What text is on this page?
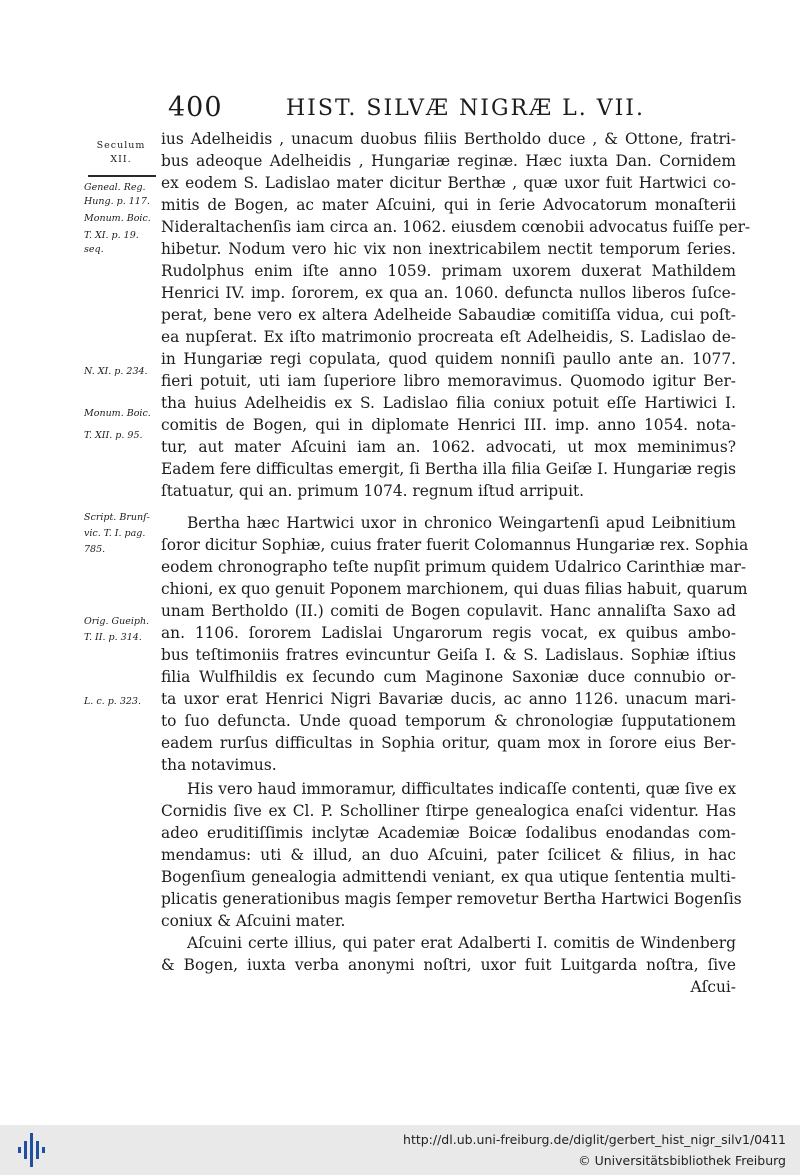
400	HIST. SILVÆ NIGRÆ L. VII.
Seculum
XII.
Geneal. Reg.
Hung. p. 117.
Monum. Boic.
T. XI. p. 19.
seq.
N. XI. p. 234.
Monum. Boic.
T. XII. p. 95.
Script. Brunſ-
vic. T. I. pag.
785.
Orig. Gueiph.
T. II. p. 314.
L. c. p. 323.
ius Adelheidis , unacum duobus filiis Bertholdo duce , & Ottone, fratri-
bus adeoque Adelheidis , Hungariæ reginæ. Hæc iuxta Dan. Cornidem
ex eodem S. Ladislao mater dicitur Berthæ , quæ uxor fuit Hartwici co-
mitis de Bogen, ac mater Aſcuini, qui in ſerie Advocatorum monaſterii
Nideraltachenſis iam circa an. 1062. eiusdem cœnobii advocatus fuiſſe per-
hibetur. Nodum vero hic vix non inextricabilem nectit temporum ſeries.
Rudolphus enim iſte anno 1059. primam uxorem duxerat Mathildem
Henrici IV. imp. ſororem, ex qua an. 1060. defuncta nullos liberos ſuſce-
perat, bene vero ex altera Adelheide Sabaudiæ comitiſſa vidua, cui poſt-
ea nupſerat. Ex iſto matrimonio procreata eſt Adelheidis, S. Ladislao de-
in Hungariæ regi copulata, quod quidem nonniſi paullo ante an. 1077.
fieri potuit, uti iam ſuperiore libro memoravimus. Quomodo igitur Ber-
tha huius Adelheidis ex S. Ladislao filia coniux potuit eſſe Hartiwici I.
comitis de Bogen, qui in diplomate Henrici III. imp. anno 1054. nota-
tur, aut mater Aſcuini iam an. 1062. advocati, ut mox meminimus?
Eadem fere difficultas emergit, ſi Bertha illa filia Geiſæ I. Hungariæ regis
ſtatuatur, qui an. primum 1074. regnum iſtud arripuit.
Bertha hæc Hartwici uxor in chronico Weingartenſi apud Leibnitium
ſoror dicitur Sophiæ, cuius frater fuerit Colomannus Hungariæ rex. Sophia
eodem chronographo teſte nupſit primum quidem Udalrico Carinthiæ mar-
chioni, ex quo genuit Poponem marchionem, qui duas filias habuit, quarum
unam Bertholdo (II.) comiti de Bogen copulavit. Hanc annaliſta Saxo ad
an. 1106. ſororem Ladislai Ungarorum regis vocat, ex quibus ambo-
bus teſtimoniis fratres evincuntur Geiſa I. & S. Ladislaus. Sophiæ iſtius
filia Wulfhildis ex ſecundo cum Maginone Saxoniæ duce connubio or-
ta uxor erat Henrici Nigri Bavariæ ducis, ac anno 1126. unacum mari-
to ſuo defuncta. Unde quoad temporum & chronologiæ ſupputationem
eadem rurſus difficultas in Sophia oritur, quam mox in ſorore eius Ber-
tha notavimus.
His vero haud immoramur, difficultates indicaſſe contenti, quæ ſive ex
Cornidis ſive ex Cl. P. Scholliner ſtirpe genealogica enaſci videntur. Has
adeo eruditiſſimis inclytæ Academiæ Boicæ ſodalibus enodandas com-
mendamus: uti & illud, an duo Aſcuini, pater ſcilicet & filius, in hac
Bogenſium genealogia admittendi veniant, ex qua utique ſententia multi-
plicatis generationibus magis ſemper removetur Bertha Hartwici Bogenſis
coniux & Aſcuini mater.
Aſcuini certe illius, qui pater erat Adalberti I. comitis de Windenberg
& Bogen, iuxta verba anonymi noſtri, uxor fuit Luitgarda noſtra, ſive
Aſcui-
http://dl.ub.uni-freiburg.de/diglit/gerbert_hist_nigr_silv1/0411
© Universitätsbibliothek Freiburg
